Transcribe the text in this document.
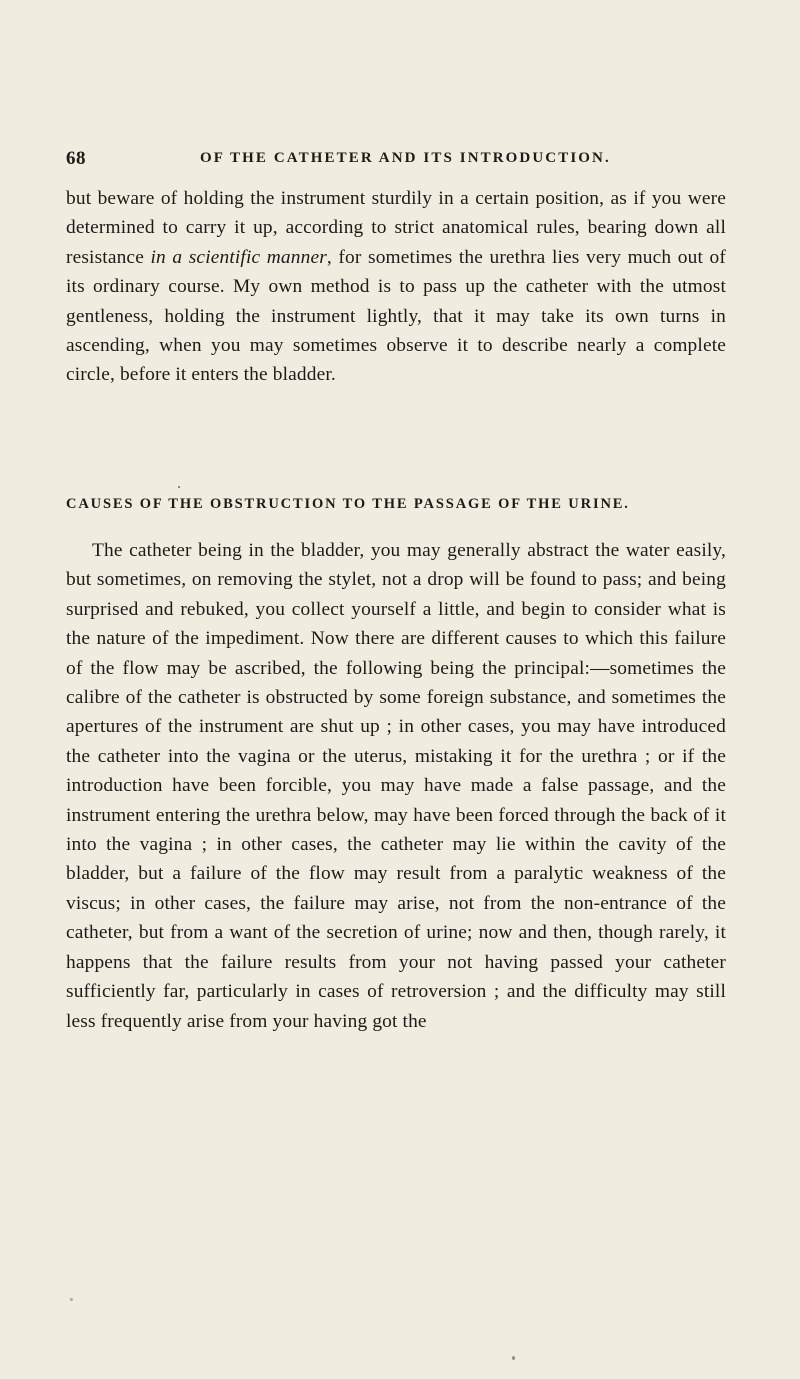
68	OF THE CATHETER AND ITS INTRODUCTION.

but beware of holding the instrument sturdily in a certain position, as if you were determined to carry it up, according to strict anatomical rules, bearing down all resistance in a scientific manner, for sometimes the urethra lies very much out of its ordinary course. My own method is to pass up the catheter with the utmost gentleness, holding the instrument lightly, that it may take its own turns in ascending, when you may sometimes observe it to describe nearly a complete circle, before it enters the bladder.

CAUSES OF THE OBSTRUCTION TO THE PASSAGE OF THE URINE.

The catheter being in the bladder, you may generally abstract the water easily, but sometimes, on removing the stylet, not a drop will be found to pass; and being surprised and rebuked, you collect yourself a little, and begin to consider what is the nature of the impediment. Now there are different causes to which this failure of the flow may be ascribed, the following being the principal:—sometimes the calibre of the catheter is obstructed by some foreign substance, and sometimes the apertures of the instrument are shut up ; in other cases, you may have introduced the catheter into the vagina or the uterus, mistaking it for the urethra ; or if the introduction have been forcible, you may have made a false passage, and the instrument entering the urethra below, may have been forced through the back of it into the vagina ; in other cases, the catheter may lie within the cavity of the bladder, but a failure of the flow may result from a paralytic weakness of the viscus; in other cases, the failure may arise, not from the non-entrance of the catheter, but from a want of the secretion of urine; now and then, though rarely, it happens that the failure results from your not having passed your catheter sufficiently far, particularly in cases of retroversion ; and the difficulty may still less frequently arise from your having got the
